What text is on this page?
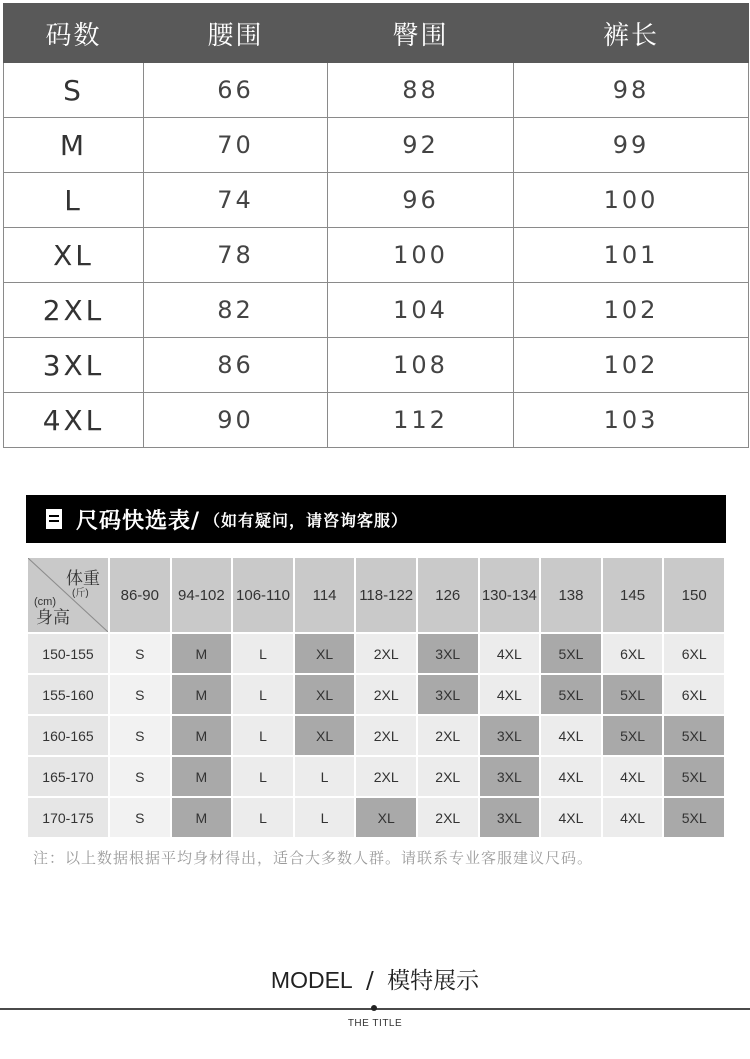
码数	腰围	臀围	裤长
S	66	88	98
M	70	92	99
L	74	96	100
XL	78	100	101
2XL	82	104	102
3XL	86	108	102
4XL	90	112	103
尺码快选表/ （如有疑问，请咨询客服）
体重
(斤)
(cm)
身高	86-90	94-102	106-110	114	118-122	126	130-134	138	145	150
150-155	S	M	L	XL	2XL	3XL	4XL	5XL	6XL	6XL
155-160	S	M	L	XL	2XL	3XL	4XL	5XL	5XL	6XL
160-165	S	M	L	XL	2XL	2XL	3XL	4XL	5XL	5XL
165-170	S	M	L	L	2XL	2XL	3XL	4XL	4XL	5XL
170-175	S	M	L	L	XL	2XL	3XL	4XL	4XL	5XL
注：以上数据根据平均身材得出，适合大多数人群。请联系专业客服建议尺码。
MODEL / 模特展示
THE TITLE
